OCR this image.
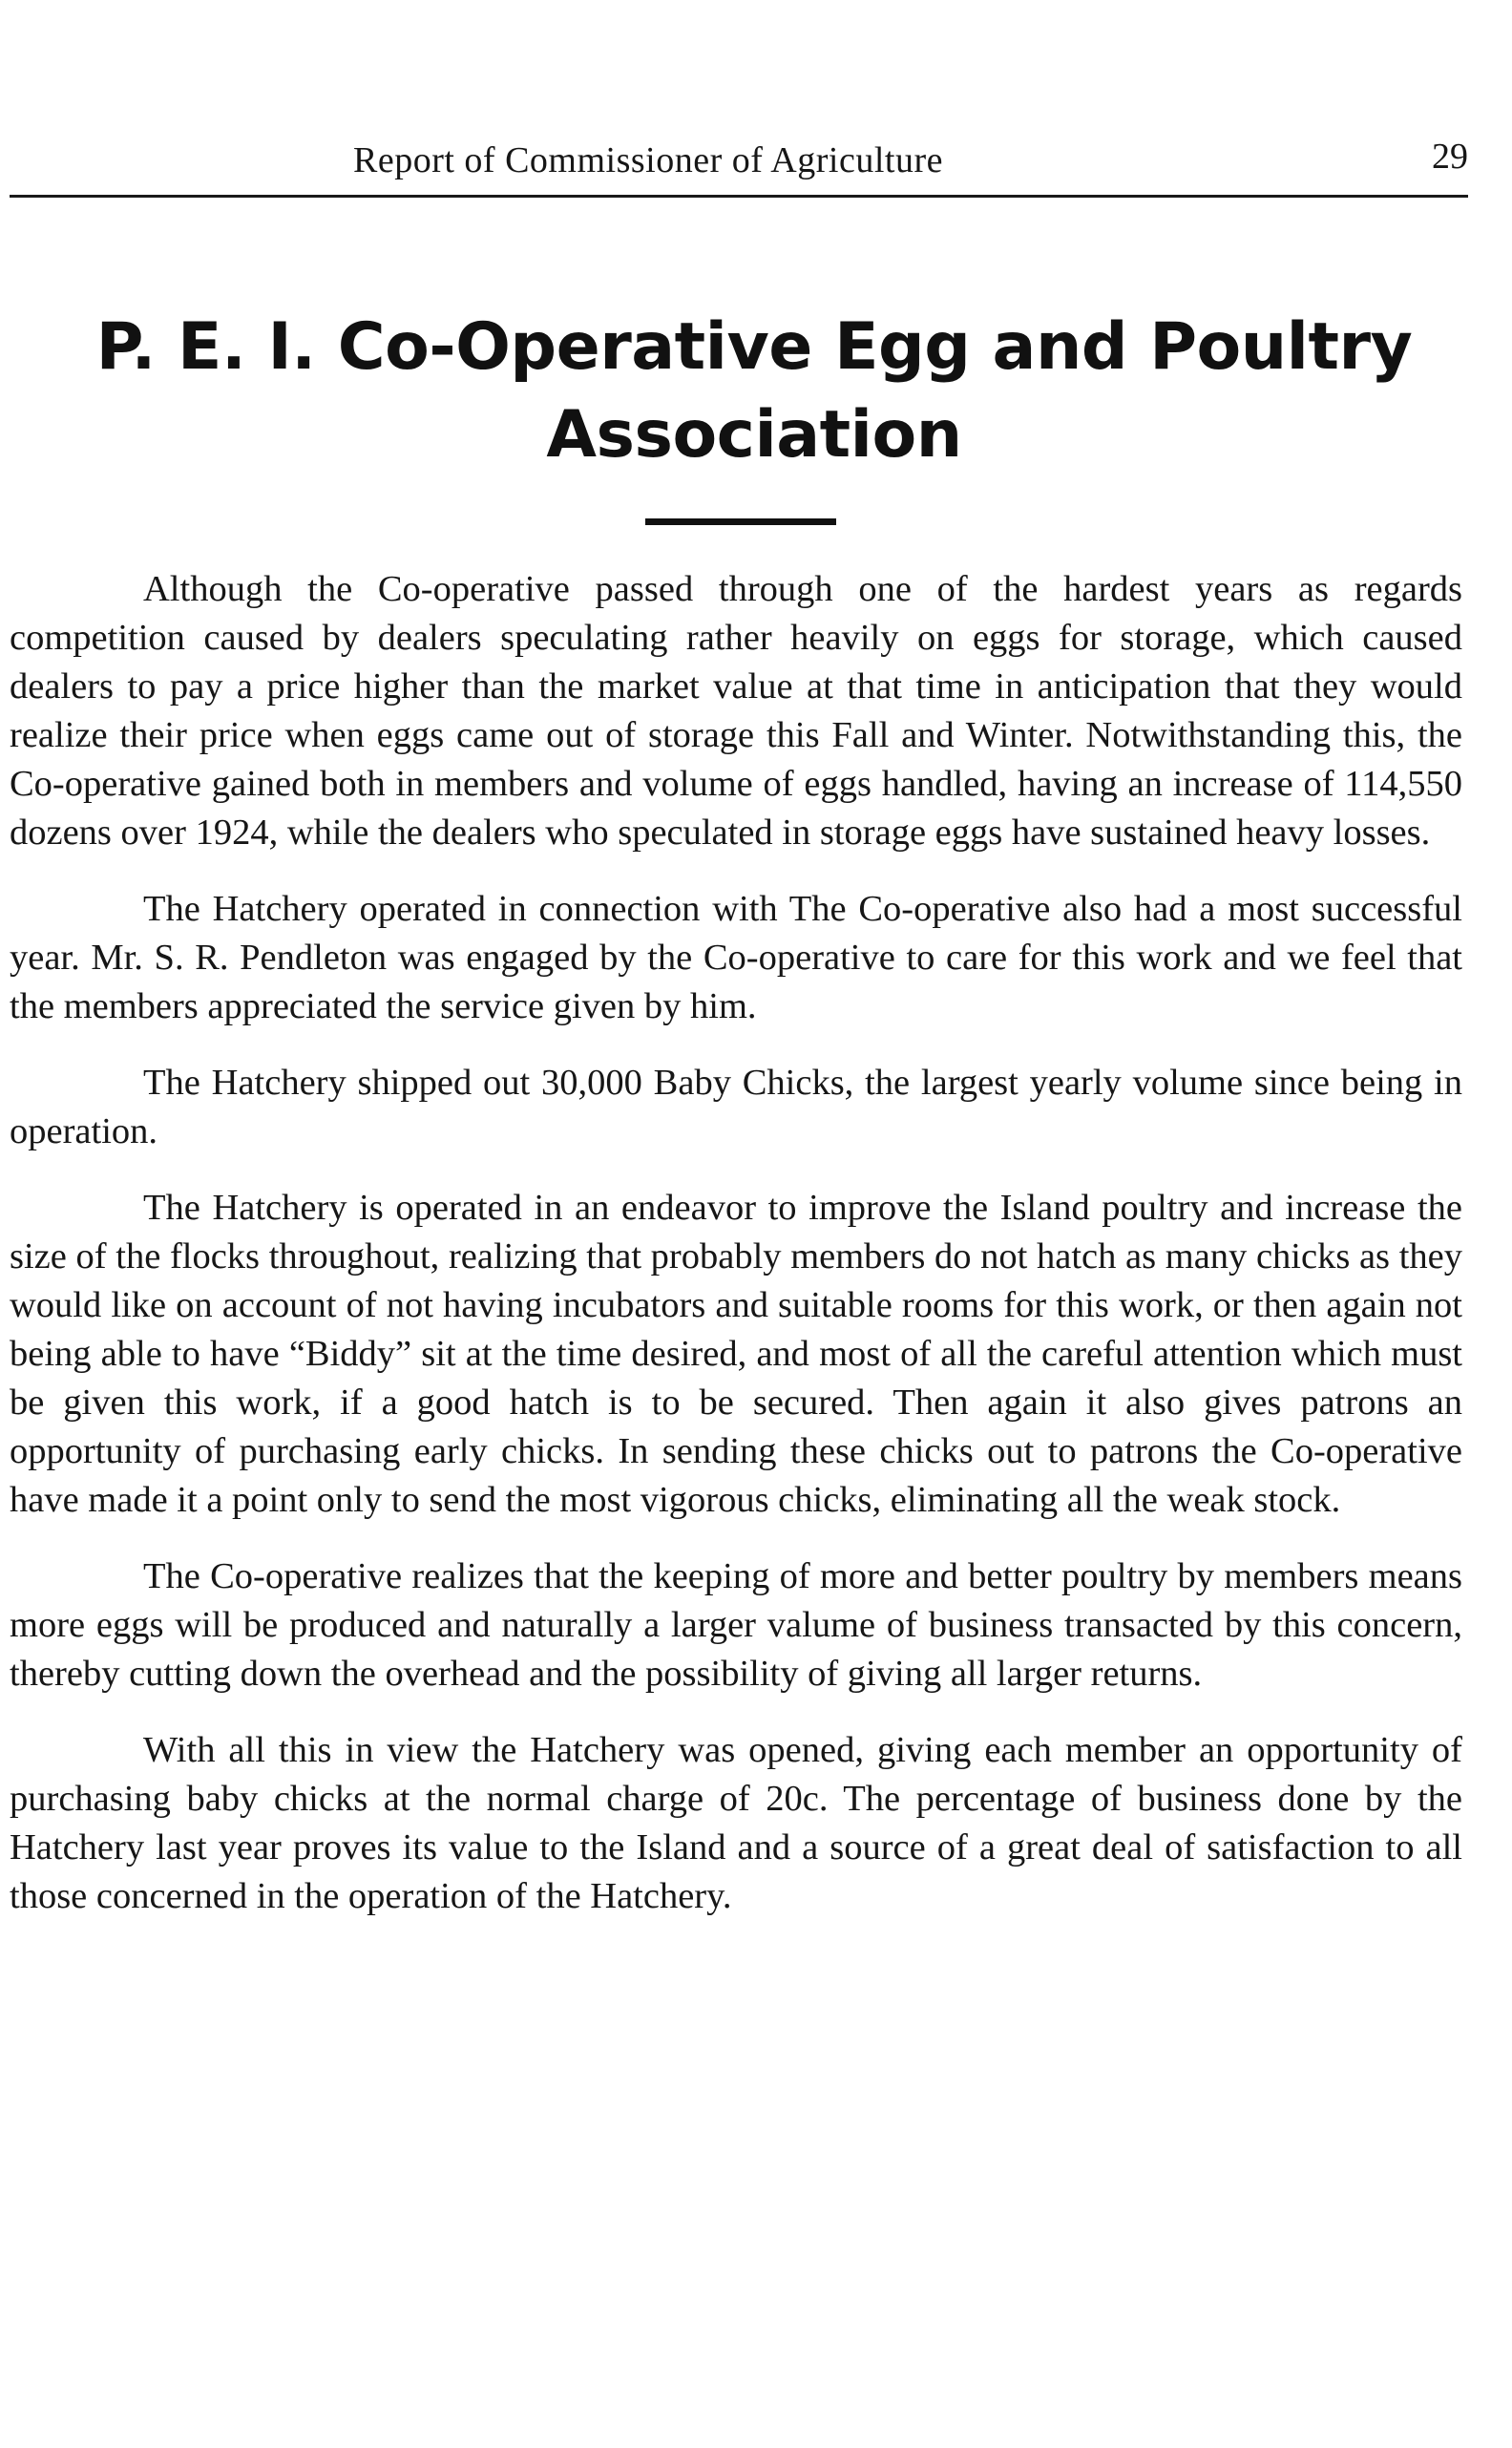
Report of Commissioner of Agriculture	29
P. E. I. Co-Operative Egg and Poultry
Association

Although the Co-operative passed through one of the hardest years as regards competition caused by dealers speculating rather heavily on eggs for storage, which caused dealers to pay a price higher than the market value at that time in anticipation that they would realize their price when eggs came out of storage this Fall and Winter. Notwithstanding this, the Co-operative gained both in members and volume of eggs handled, having an increase of 114,550 dozens over 1924, while the dealers who speculated in storage eggs have sustained heavy losses.

The Hatchery operated in connection with The Co-operative also had a most successful year. Mr. S. R. Pendleton was engaged by the Co-operative to care for this work and we feel that the members appreciated the service given by him.

The Hatchery shipped out 30,000 Baby Chicks, the largest yearly volume since being in operation.

The Hatchery is operated in an endeavor to improve the Island poultry and increase the size of the flocks throughout, realizing that probably members do not hatch as many chicks as they would like on account of not having incubators and suitable rooms for this work, or then again not being able to have “Biddy” sit at the time desired, and most of all the careful attention which must be given this work, if a good hatch is to be secured. Then again it also gives patrons an opportunity of purchasing early chicks. In sending these chicks out to patrons the Co-operative have made it a point only to send the most vigorous chicks, eliminating all the weak stock.

The Co-operative realizes that the keeping of more and better poultry by members means more eggs will be produced and naturally a larger valume of business transacted by this concern, thereby cutting down the overhead and the possibility of giving all larger returns.

With all this in view the Hatchery was opened, giving each member an opportunity of purchasing baby chicks at the normal charge of 20c. The percentage of business done by the Hatchery last year proves its value to the Island and a source of a great deal of satisfaction to all those concerned in the operation of the Hatchery.
